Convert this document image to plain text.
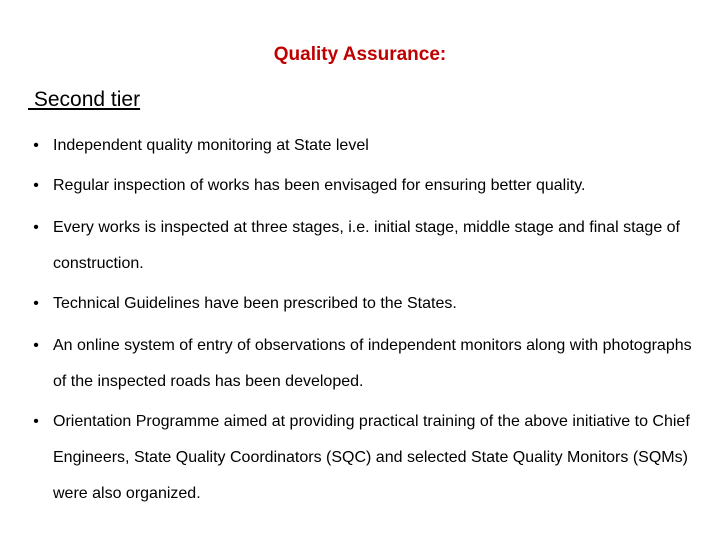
Quality Assurance:
Second tier
• Independent quality monitoring at State level
• Regular inspection of works has been envisaged for ensuring better quality.
• Every works is inspected at three stages, i.e. initial stage, middle stage and final stage of construction.
• Technical Guidelines have been prescribed to the States.
• An online system of entry of observations of independent monitors along with photographs of the inspected roads has been developed.
• Orientation Programme aimed at providing practical training of the above initiative to Chief Engineers, State Quality Coordinators (SQC) and selected State Quality Monitors (SQMs) were also organized.
